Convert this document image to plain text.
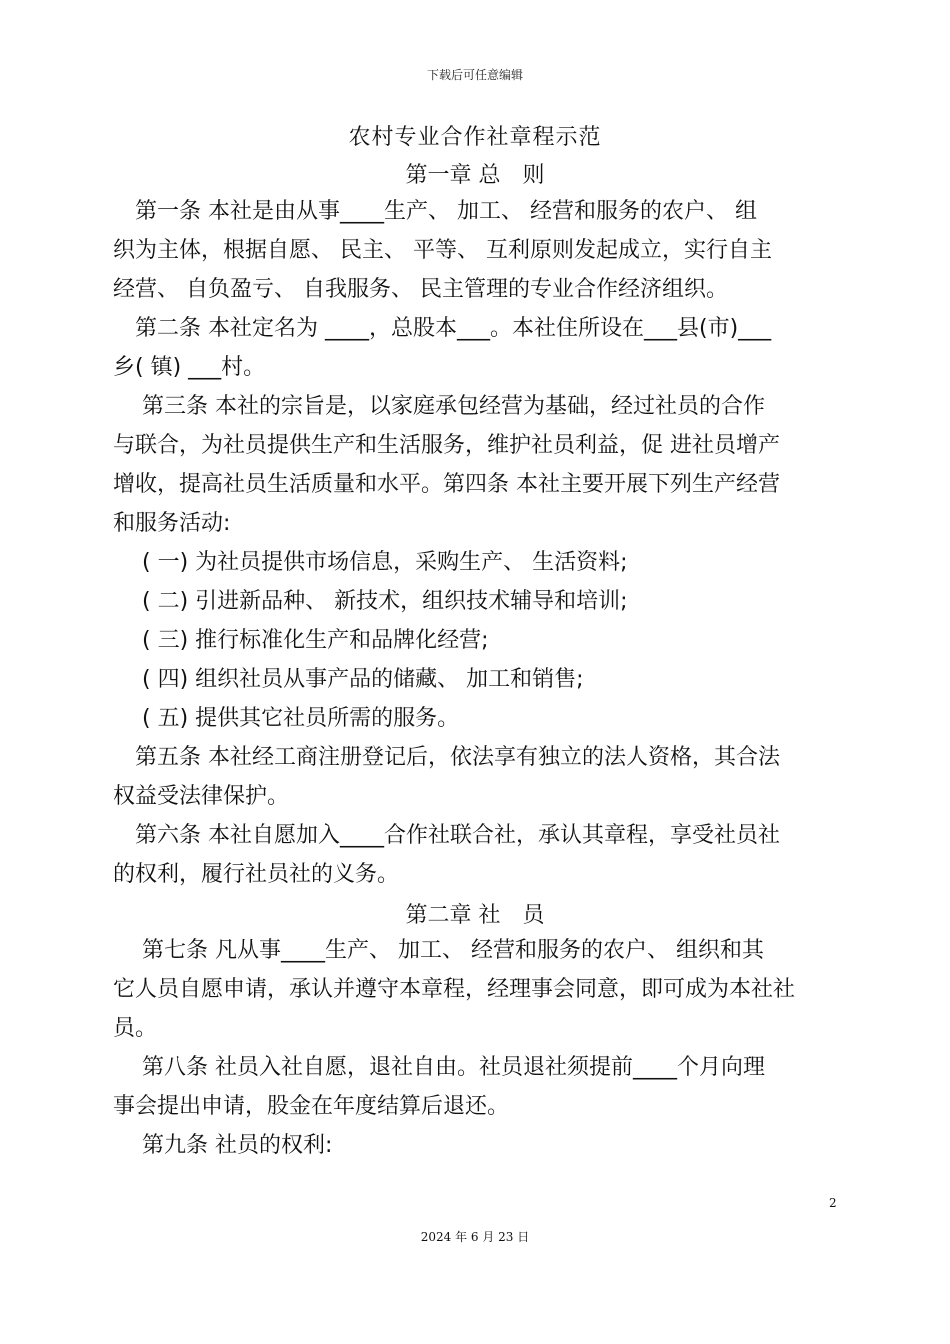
下载后可任意编辑
农村专业合作社章程示范
第一章 总　则
　第一条 本社是由从事____生产、 加工、 经营和服务的农户、 组
织为主体，根据自愿、 民主、 平等、 互利原则发起成立，实行自主
经营、 自负盈亏、 自我服务、 民主管理的专业合作经济组织。
　第二条 本社定名为 ____，总股本___。本社住所设在___县(市)___
乡( 镇) ___村。
　 第三条 本社的宗旨是，以家庭承包经营为基础，经过社员的合作
与联合，为社员提供生产和生活服务，维护社员利益，促 进社员增产
增收，提高社员生活质量和水平。第四条 本社主要开展下列生产经营
和服务活动:
　 ( 一) 为社员提供市场信息，采购生产、 生活资料;
　 ( 二) 引进新品种、 新技术，组织技术辅导和培训;
　 ( 三) 推行标准化生产和品牌化经营;
　 ( 四) 组织社员从事产品的储藏、 加工和销售;
　 ( 五) 提供其它社员所需的服务。
　第五条 本社经工商注册登记后，依法享有独立的法人资格，其合法
权益受法律保护。
　第六条 本社自愿加入____合作社联合社，承认其章程，享受社员社
的权利，履行社员社的义务。
第二章 社　员
　 第七条 凡从事____生产、 加工、 经营和服务的农户、 组织和其
它人员自愿申请，承认并遵守本章程，经理事会同意，即可成为本社社
员。
　 第八条 社员入社自愿，退社自由。社员退社须提前____个月向理
事会提出申请，股金在年度结算后退还。
　 第九条 社员的权利:
2
2024 年 6 月 23 日
